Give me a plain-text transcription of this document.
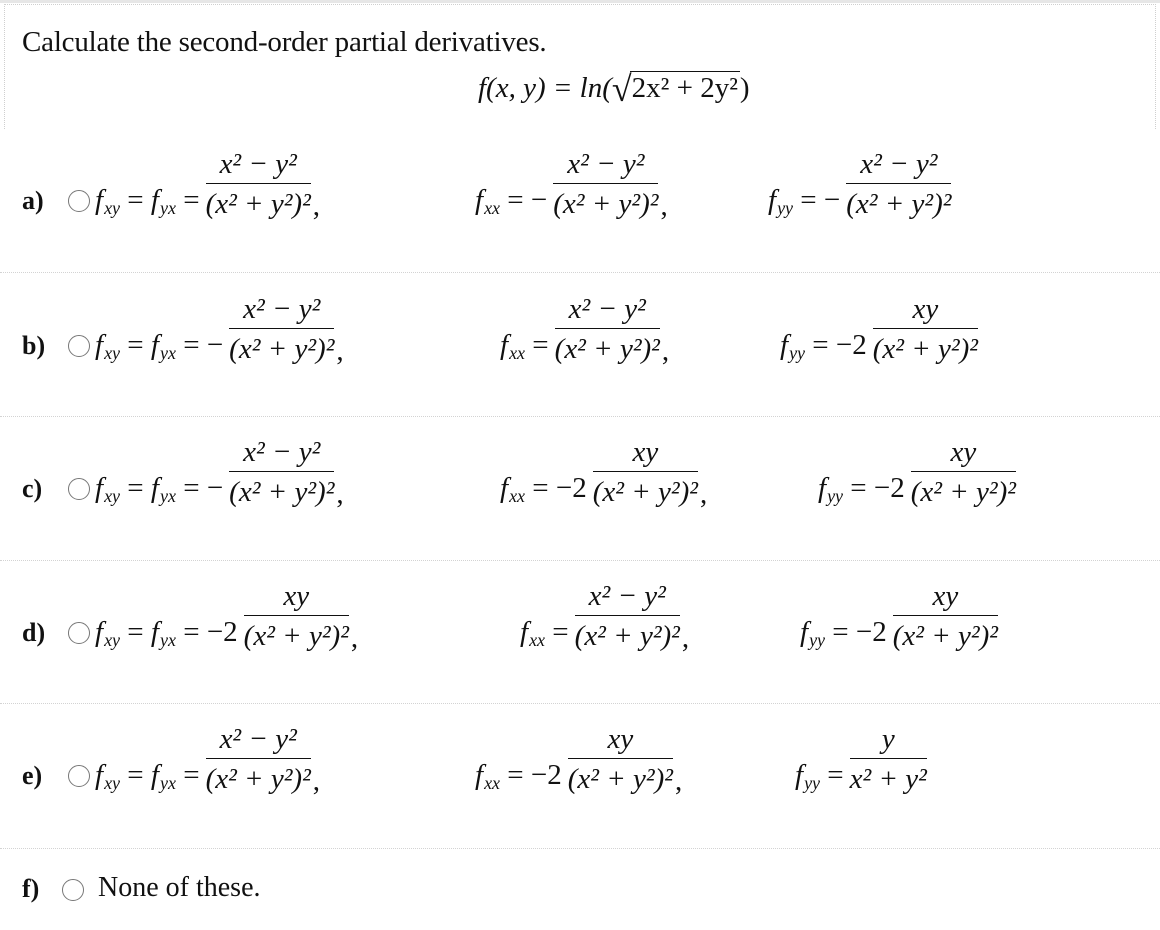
Calculate the second-order partial derivatives.
f(x, y) = ln(√2x² + 2y²)
a) $f_{xy} = f_{yx}$ =
x² − y²
(x² + y²)² ,	$f_{xx}$ = −
x² − y²
(x² + y²)² ,	$f_{yy}$ = −
x² − y²
(x² + y²)²
b) $f_{xy} = f_{yx}$ = −
x² − y²
(x² + y²)² ,	$f_{xx}$ =
x² − y²
(x² + y²)² ,	$f_{yy} = -2$
xy
(x² + y²)²
c) $f_{xy} = f_{yx}$ = −
x² − y²
(x² + y²)² ,	$f_{xx} = -2$
xy
(x² + y²)² ,	$f_{yy} = -2$
xy
(x² + y²)²
d) $f_{xy} = f_{yx} = -2$
xy
(x² + y²)² ,	$f_{xx}$ =
x² − y²
(x² + y²)² ,	$f_{yy} = -2$
xy
(x² + y²)²
e) $f_{xy} = f_{yx}$ =
x² − y²
(x² + y²)² ,	$f_{xx} = -2$
xy
(x² + y²)² ,	$f_{yy}$ =
y
x² + y²
f) None of these.
